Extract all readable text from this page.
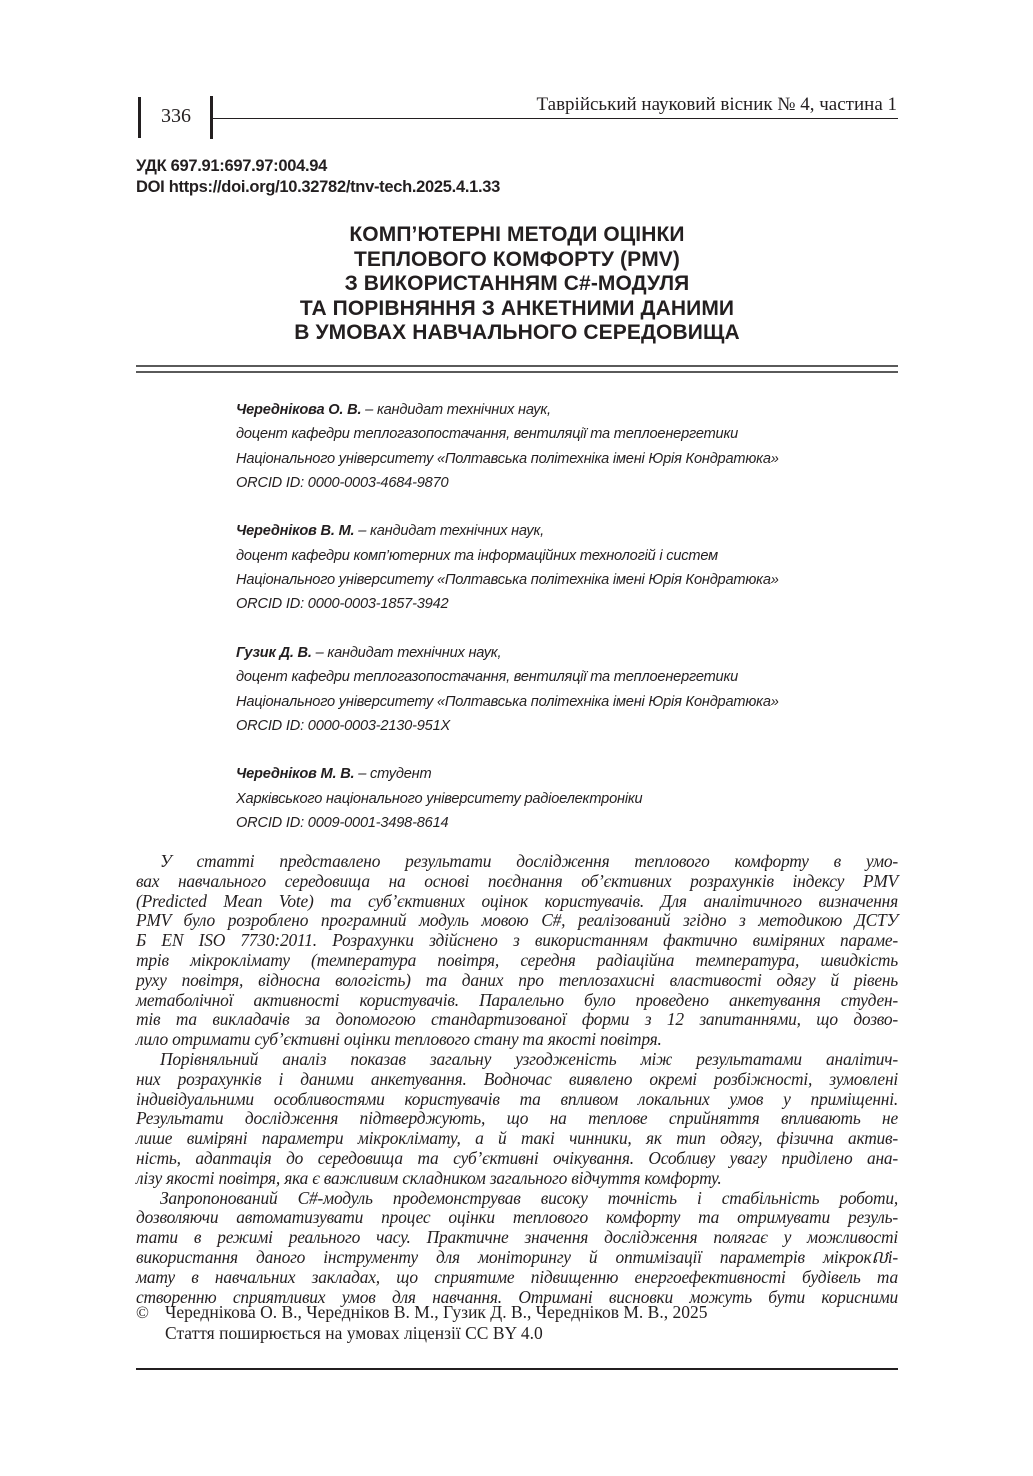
336
Таврійський науковий вісник № 4, частина 1
УДК 697.91:697.97:004.94
DOI https://doi.org/10.32782/tnv-tech.2025.4.1.33
КОМП’ЮТЕРНІ МЕТОДИ ОЦІНКИ
ТЕПЛОВОГО КОМФОРТУ (PMV)
З ВИКОРИСТАННЯМ C#-МОДУЛЯ
ТА ПОРІВНЯННЯ З АНКЕТНИМИ ДАНИМИ
В УМОВАХ НАВЧАЛЬНОГО СЕРЕДОВИЩА
Череднікова О. В. – кандидат технічних наук,
доцент кафедри теплогазопостачання, вентиляції та теплоенергетики
Національного університету «Полтавська політехніка імені Юрія Кондратюка»
ORCID ID: 0000-0003-4684-9870
Чередніков В. М. – кандидат технічних наук,
доцент кафедри комп’ютерних та інформаційних технологій і систем
Національного університету «Полтавська політехніка імені Юрія Кондратюка»
ORCID ID: 0000-0003-1857-3942
Гузик Д. В. – кандидат технічних наук,
доцент кафедри теплогазопостачання, вентиляції та теплоенергетики
Національного університету «Полтавська політехніка імені Юрія Кондратюка»
ORCID ID: 0000-0003-2130-951X
Чередніков М. В. – студент
Харківського національного університету радіоелектроніки
ORCID ID: 0009-0001-3498-8614
У статті представлено результати дослідження теплового комфорту в умо-
вах навчального середовища на основі поєднання об’єктивних розрахунків індексу PMV
(Predicted Mean Vote) та суб’єктивних оцінок користувачів. Для аналітичного визначення
PMV було розроблено програмний модуль мовою C#, реалізований згідно з методикою ДСТУ
Б EN ISO 7730:2011. Розрахунки здійснено з використанням фактично виміряних параме-
трів мікроклімату (температура повітря, середня радіаційна температура, швидкість
руху повітря, відносна вологість) та даних про теплозахисні властивості одягу й рівень
метаболічної активності користувачів. Паралельно було проведено анкетування студен-
тів та викладачів за допомогою стандартизованої форми з 12 запитаннями, що дозво-
лило отримати суб’єктивні оцінки теплового стану та якості повітря.
Порівняльний аналіз показав загальну узгодженість між результатами аналітич-
них розрахунків і даними анкетування. Водночас виявлено окремі розбіжності, зумовлені
індивідуальними особливостями користувачів та впливом локальних умов у приміщенні.
Результати дослідження підтверджують, що на теплове сприйняття впливають не
лише виміряні параметри мікроклімату, а й такі чинники, як тип одягу, фізична актив-
ність, адаптація до середовища та суб’єктивні очікування. Особливу увагу приділено ана-
лізу якості повітря, яка є важливим складником загального відчуття комфорту.
Запропонований C#-модуль продемонстрував високу точність і стабільність роботи,
дозволяючи автоматизувати процес оцінки теплового комфорту та отримувати резуль-
тати в режимі реального часу. Практичне значення дослідження полягає у можливості
використання даного інструменту для моніторингу й оптимізації параметрів мікрокលі-
мату в навчальних закладах, що сприятиме підвищенню енергоефективності будівель та
створенню сприятливих умов для навчання. Отримані висновки можуть бути корисними
© Череднікова О. В., Чередніков В. М., Гузик Д. В., Чередніков М. В., 2025
Стаття поширюється на умовах ліцензії CC BY 4.0
